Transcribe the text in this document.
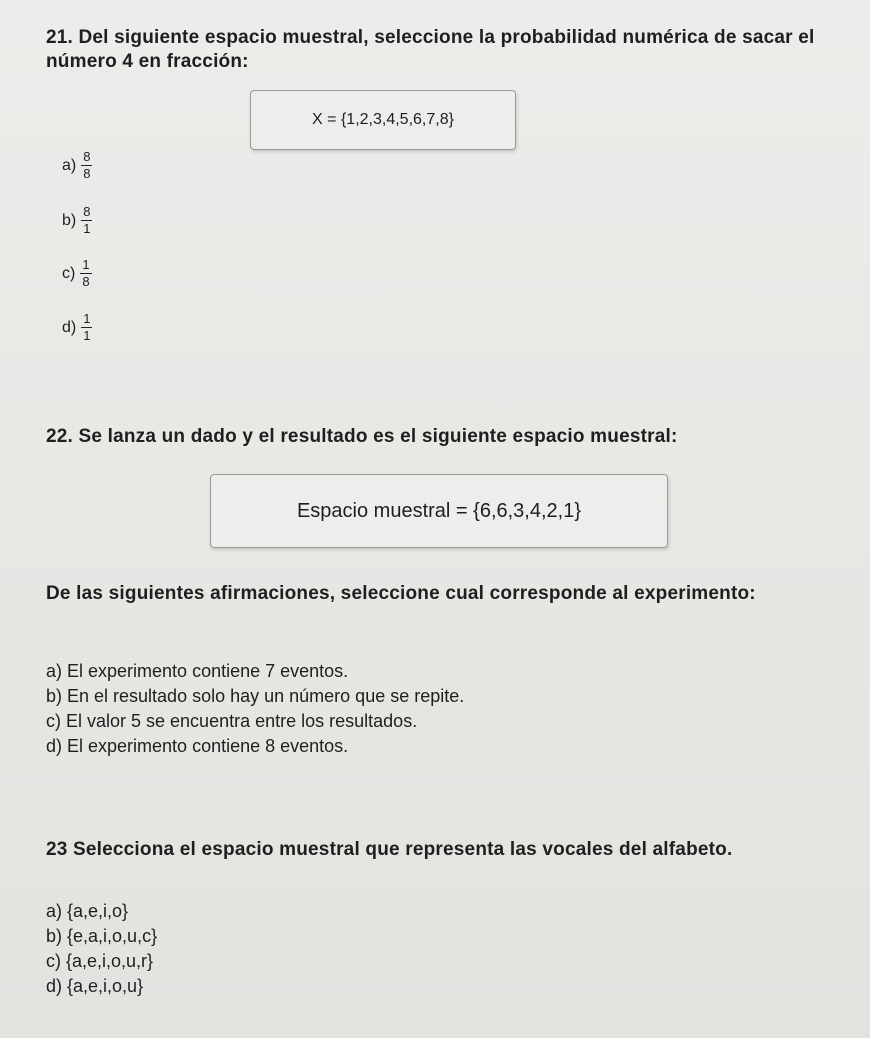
21. Del siguiente espacio muestral, seleccione la probabilidad numérica de sacar el número 4 en fracción:
X = {1,2,3,4,5,6,7,8}
$a) \frac{8}{8}$
$b) \frac{8}{1}$
$c) \frac{1}{8}$
$d) \frac{1}{1}$
22. Se lanza un dado y el resultado es el siguiente espacio muestral:
Espacio muestral = {6,6,3,4,2,1}
De las siguientes afirmaciones, seleccione cual corresponde al experimento:
a) El experimento contiene 7 eventos.
b) En el resultado solo hay un número que se repite.
c) El valor 5 se encuentra entre los resultados.
d) El experimento contiene 8 eventos.
23 Selecciona el espacio muestral que representa las vocales del alfabeto.
a) {a,e,i,o}
b) {e,a,i,o,u,c}
c) {a,e,i,o,u,r}
d) {a,e,i,o,u}
